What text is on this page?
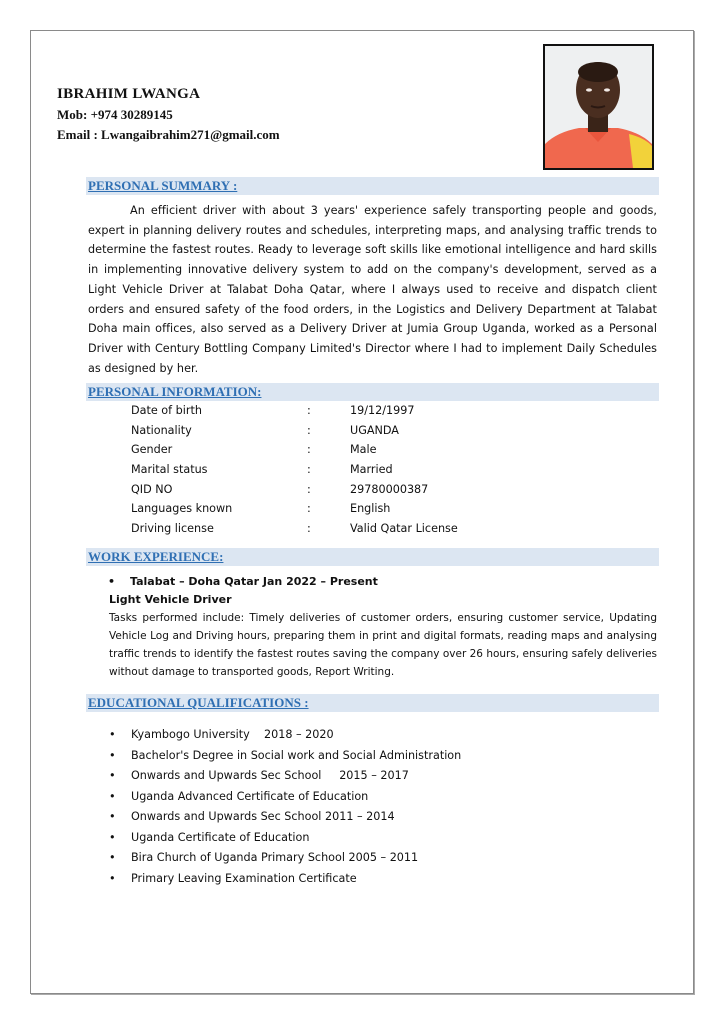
IBRAHIM LWANGA
Mob: +974 30289145
Email : Lwangaibrahim271@gmail.com
PERSONAL SUMMARY :
An efficient driver with about 3 years' experience safely transporting people and goods, expert in planning delivery routes and schedules, interpreting maps, and analysing traffic trends to determine the fastest routes. Ready to leverage soft skills like emotional intelligence and hard skills in implementing innovative delivery system to add on the company's development, served as a Light Vehicle Driver at Talabat Doha Qatar, where I always used to receive and dispatch client orders and ensured safety of the food orders, in the Logistics and Delivery Department at Talabat Doha main offices, also served as a Delivery Driver at Jumia Group Uganda, worked as a Personal Driver with Century Bottling Company Limited's Director where I had to implement Daily Schedules as designed by her.
PERSONAL INFORMATION:
Date of birth	:	19/12/1997
Nationality	:	UGANDA
Gender	:	Male
Marital status	:	Married
QID NO	:	29780000387
Languages known	:	English
Driving license	:	Valid Qatar License
WORK EXPERIENCE:
• Talabat – Doha Qatar Jan 2022 – Present
Light Vehicle Driver
Tasks performed include: Timely deliveries of customer orders, ensuring customer service, Updating Vehicle Log and Driving hours, preparing them in print and digital formats, reading maps and analysing traffic trends to identify the fastest routes saving the company over 26 hours, ensuring safely deliveries without damage to transported goods, Report Writing.
EDUCATIONAL QUALIFICATIONS :
•	Kyambogo University    2018 – 2020
•	Bachelor's Degree in Social work and Social Administration
•	Onwards and Upwards Sec School     2015 – 2017
•	Uganda Advanced Certificate of Education
•	Onwards and Upwards Sec School 2011 – 2014
•	Uganda Certificate of Education
•	Bira Church of Uganda Primary School 2005 – 2011
•	Primary Leaving Examination Certificate
